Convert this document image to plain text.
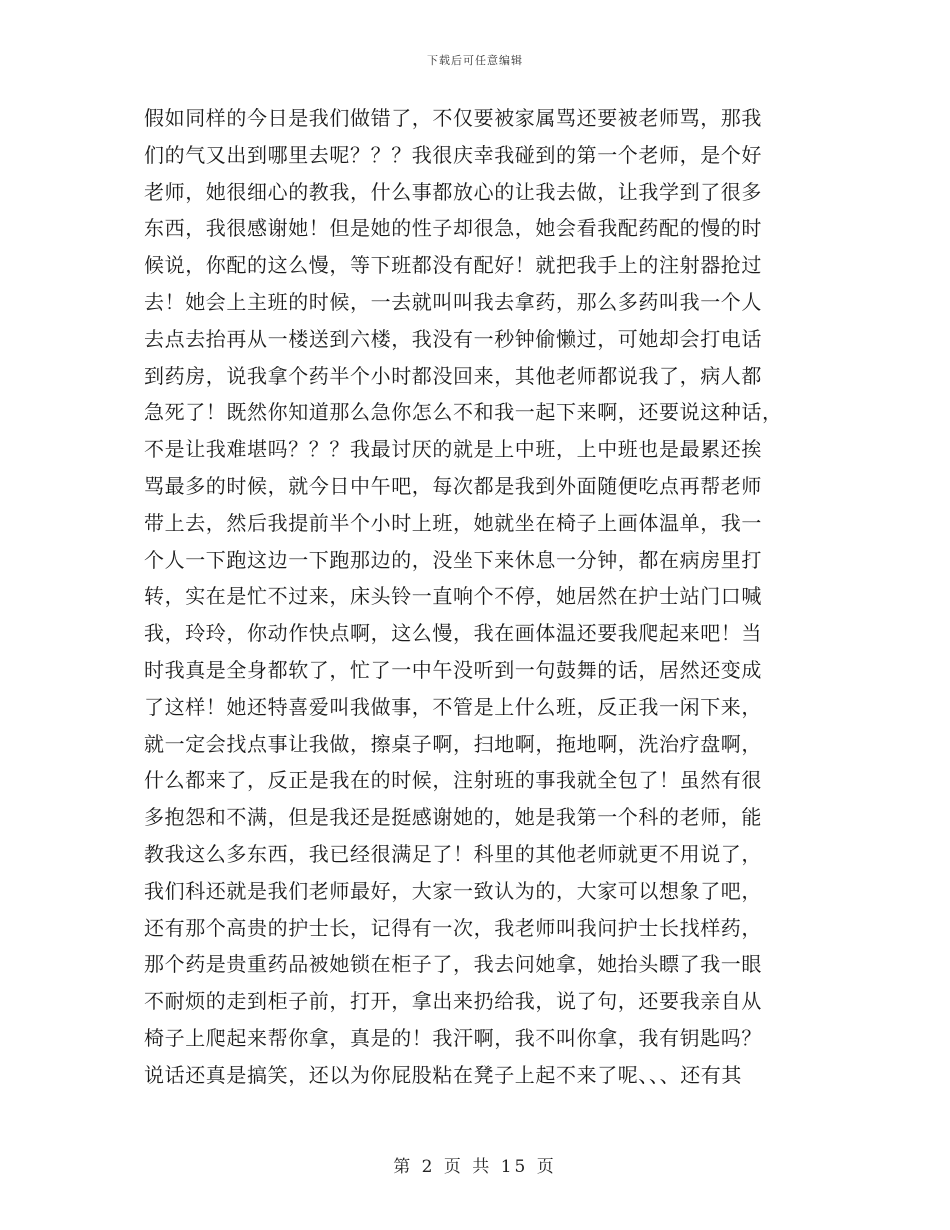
下载后可任意编辑
假如同样的今日是我们做错了，不仅要被家属骂还要被老师骂，那我
们的气又出到哪里去呢？？？我很庆幸我碰到的第一个老师，是个好
老师，她很细心的教我，什么事都放心的让我去做，让我学到了很多
东西，我很感谢她！但是她的性子却很急，她会看我配药配的慢的时
候说，你配的这么慢，等下班都没有配好！就把我手上的注射器抢过
去！她会上主班的时候，一去就叫叫我去拿药，那么多药叫我一个人
去点去抬再从一楼送到六楼，我没有一秒钟偷懒过，可她却会打电话
到药房，说我拿个药半个小时都没回来，其他老师都说我了，病人都
急死了！既然你知道那么急你怎么不和我一起下来啊，还要说这种话，
不是让我难堪吗？？？我最讨厌的就是上中班，上中班也是最累还挨
骂最多的时候，就今日中午吧，每次都是我到外面随便吃点再帮老师
带上去，然后我提前半个小时上班，她就坐在椅子上画体温单，我一
个人一下跑这边一下跑那边的，没坐下来休息一分钟，都在病房里打
转，实在是忙不过来，床头铃一直响个不停，她居然在护士站门口喊
我，玲玲，你动作快点啊，这么慢，我在画体温还要我爬起来吧！当
时我真是全身都软了，忙了一中午没听到一句鼓舞的话，居然还变成
了这样！她还特喜爱叫我做事，不管是上什么班，反正我一闲下来，
就一定会找点事让我做，擦桌子啊，扫地啊，拖地啊，洗治疗盘啊，
什么都来了，反正是我在的时候，注射班的事我就全包了！虽然有很
多抱怨和不满，但是我还是挺感谢她的，她是我第一个科的老师，能
教我这么多东西，我已经很满足了！科里的其他老师就更不用说了，
我们科还就是我们老师最好，大家一致认为的，大家可以想象了吧，
还有那个高贵的护士长，记得有一次，我老师叫我问护士长找样药，
那个药是贵重药品被她锁在柜子了，我去问她拿，她抬头瞟了我一眼
不耐烦的走到柜子前，打开，拿出来扔给我，说了句，还要我亲自从
椅子上爬起来帮你拿，真是的！我汗啊，我不叫你拿，我有钥匙吗？
说话还真是搞笑，还以为你屁股粘在凳子上起不来了呢、、、还有其
第 2 页 共 15 页
